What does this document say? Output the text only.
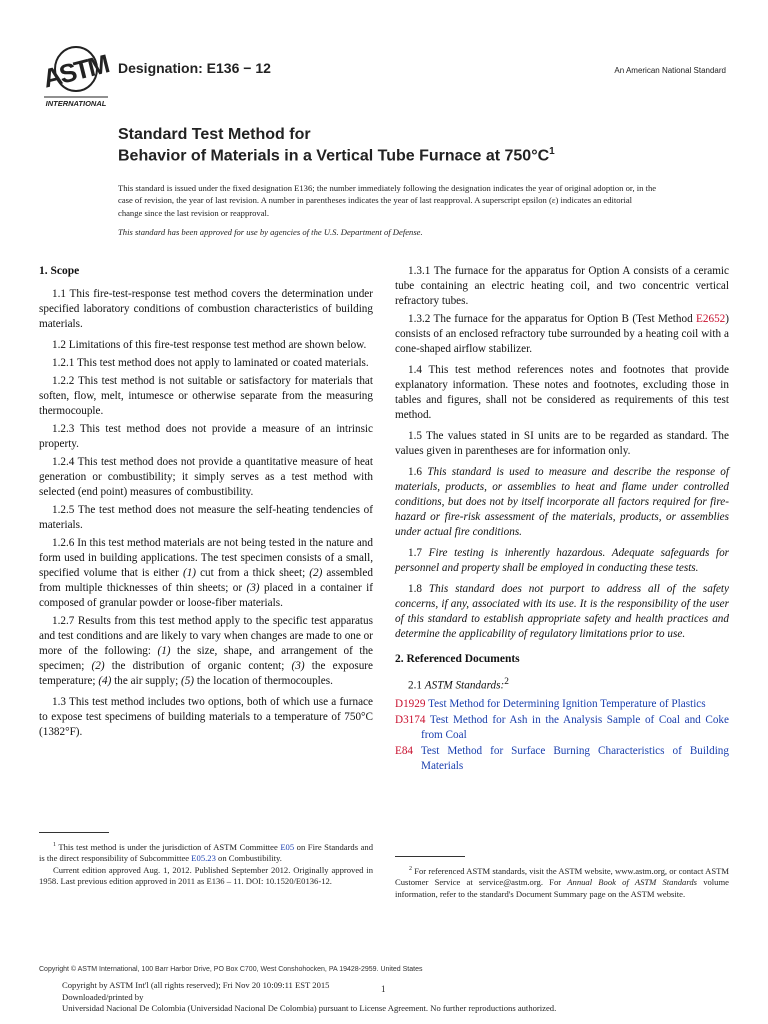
ASTM
INTERNATIONAL
Designation: E136 − 12	An American National Standard
Standard Test Method for
Behavior of Materials in a Vertical Tube Furnace at $750^\circ C^1$
This standard is issued under the fixed designation E136; the number immediately following the designation indicates the year of original adoption or, in the case of revision, the year of last revision. A number in parentheses indicates the year of last reapproval. A superscript epsilon (ε) indicates an editorial change since the last revision or reapproval.
This standard has been approved for use by agencies of the U.S. Department of Defense.
1. Scope

1.1 This fire-test-response test method covers the determination under specified laboratory conditions of combustion characteristics of building materials.

1.2 Limitations of this fire-test response test method are shown below.

1.2.1 This test method does not apply to laminated or coated materials.

1.2.2 This test method is not suitable or satisfactory for materials that soften, flow, melt, intumesce or otherwise separate from the measuring thermocouple.

1.2.3 This test method does not provide a measure of an intrinsic property.

1.2.4 This test method does not provide a quantitative measure of heat generation or combustibility; it simply serves as a test method with selected (end point) measures of combustibility.

1.2.5 The test method does not measure the self-heating tendencies of materials.

1.2.6 In this test method materials are not being tested in the nature and form used in building applications. The test specimen consists of a small, specified volume that is either (1) cut from a thick sheet; (2) assembled from multiple thicknesses of thin sheets; or (3) placed in a container if composed of granular powder or loose-fiber materials.

1.2.7 Results from this test method apply to the specific test apparatus and test conditions and are likely to vary when changes are made to one or more of the following: (1) the size, shape, and arrangement of the specimen; (2) the distribution of organic content; (3) the exposure temperature; (4) the air supply; (5) the location of thermocouples.

1.3 This test method includes two options, both of which use a furnace to expose test specimens of building materials to a temperature of 750°C (1382°F).

$^1$ This test method is under the jurisdiction of ASTM Committee E05 on Fire Standards and is the direct responsibility of Subcommittee E05.23 on Combustibility.

Current edition approved Aug. 1, 2012. Published September 2012. Originally approved in 1958. Last previous edition approved in 2011 as E136 – 11. DOI: 10.1520/E0136-12.

1.3.1 The furnace for the apparatus for Option A consists of a ceramic tube containing an electric heating coil, and two concentric vertical refractory tubes.

1.3.2 The furnace for the apparatus for Option B (Test Method E2652) consists of an enclosed refractory tube surrounded by a heating coil with a cone-shaped airflow stabilizer.

1.4 This test method references notes and footnotes that provide explanatory information. These notes and footnotes, excluding those in tables and figures, shall not be considered as requirements of this test method.

1.5 The values stated in SI units are to be regarded as standard. The values given in parentheses are for information only.

1.6 This standard is used to measure and describe the response of materials, products, or assemblies to heat and flame under controlled conditions, but does not by itself incorporate all factors required for fire-hazard or fire-risk assessment of the materials, products, or assemblies under actual fire conditions.

1.7 Fire testing is inherently hazardous. Adequate safeguards for personnel and property shall be employed in conducting these tests.

1.8 This standard does not purport to address all of the safety concerns, if any, associated with its use. It is the responsibility of the user of this standard to establish appropriate safety and health practices and determine the applicability of regulatory limitations prior to use.

2. Referenced Documents

2.1 ASTM Standards:$^2$

D1929 Test Method for Determining Ignition Temperature of Plastics

D3174 Test Method for Ash in the Analysis Sample of Coal and Coke from Coal

E84 Test Method for Surface Burning Characteristics of Building Materials

$^2$ For referenced ASTM standards, visit the ASTM website, www.astm.org, or contact ASTM Customer Service at service@astm.org. For Annual Book of ASTM Standards volume information, refer to the standard's Document Summary page on the ASTM website.

Copyright © ASTM International, 100 Barr Harbor Drive, PO Box C700, West Conshohocken, PA 19428-2959. United States
Copyright by ASTM Int'l (all rights reserved); Fri Nov 20 10:09:11 EST 2015
Downloaded/printed by
Universidad Nacional De Colombia (Universidad Nacional De Colombia) pursuant to License Agreement. No further reproductions authorized.
1
